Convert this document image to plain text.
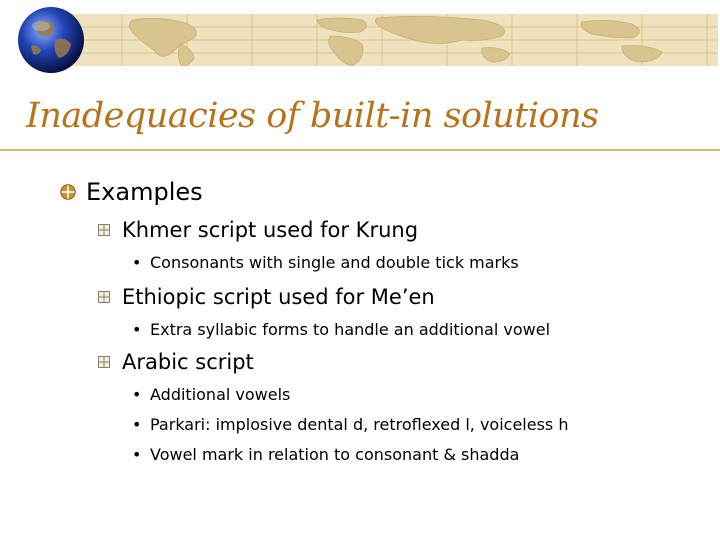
Inadequacies of built-in solutions
Examples
Khmer script used for Krung
• Consonants with single and double tick marks
Ethiopic script used for Me’en
• Extra syllabic forms to handle an additional vowel
Arabic script
• Additional vowels
• Parkari: implosive dental d, retroflexed l, voiceless h
• Vowel mark in relation to consonant & shadda
